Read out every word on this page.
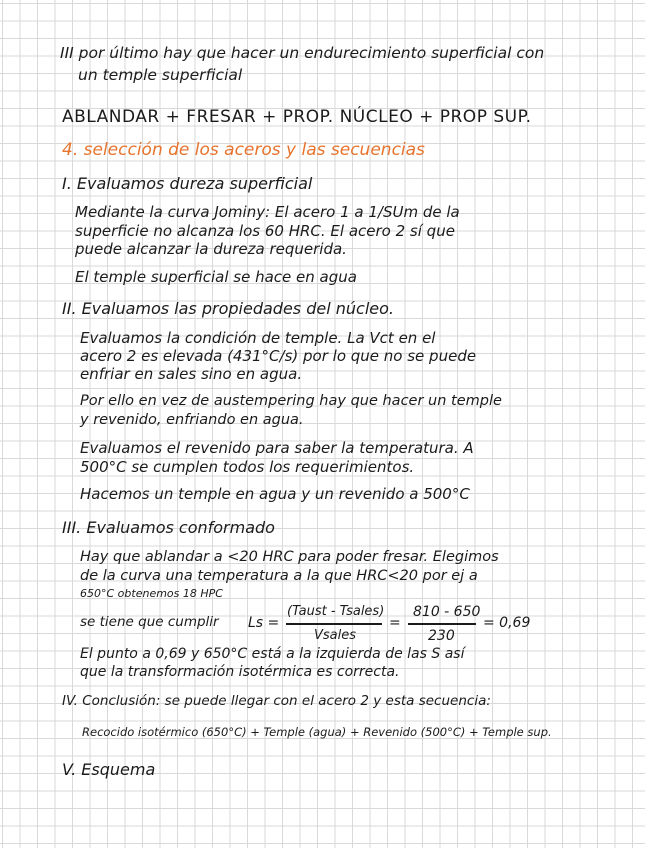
III por último hay que hacer un endurecimiento superficial con
un temple superficial
ABLANDAR + FRESAR + PROP. NÚCLEO + PROP SUP.
4. selección de los aceros y las secuencias
I. Evaluamos dureza superficial
Mediante la curva Jominy: El acero 1 a 1/SUm de la
superficie no alcanza los 60 HRC. El acero 2 sí que
puede alcanzar la dureza requerida.
El temple superficial se hace en agua
II. Evaluamos las propiedades del núcleo.
Evaluamos la condición de temple. La Vct en el
acero 2 es elevada (431°C/s) por lo que no se puede
enfriar en sales sino en agua.
Por ello en vez de austempering hay que hacer un temple
y revenido, enfriando en agua.
Evaluamos el revenido para saber la temperatura. A
500°C se cumplen todos los requerimientos.
Hacemos un temple en agua y un revenido a 500°C
III. Evaluamos conformado
Hay que ablandar a <20 HRC para poder fresar. Elegimos
de la curva una temperatura a la que HRC<20 por ej a
650°C obtenemos 18 HPC
se tiene que cumplir Ls =
(Taust - Tsales)
Vsales
=
810 - 650
230
= 0,69
El punto a 0,69 y 650°C está a la izquierda de las S así
que la transformación isotérmica es correcta.
IV. Conclusión: se puede llegar con el acero 2 y esta secuencia:
Recocido isotérmico (650°C) + Temple (agua) + Revenido (500°C) + Temple sup.
V. Esquema
